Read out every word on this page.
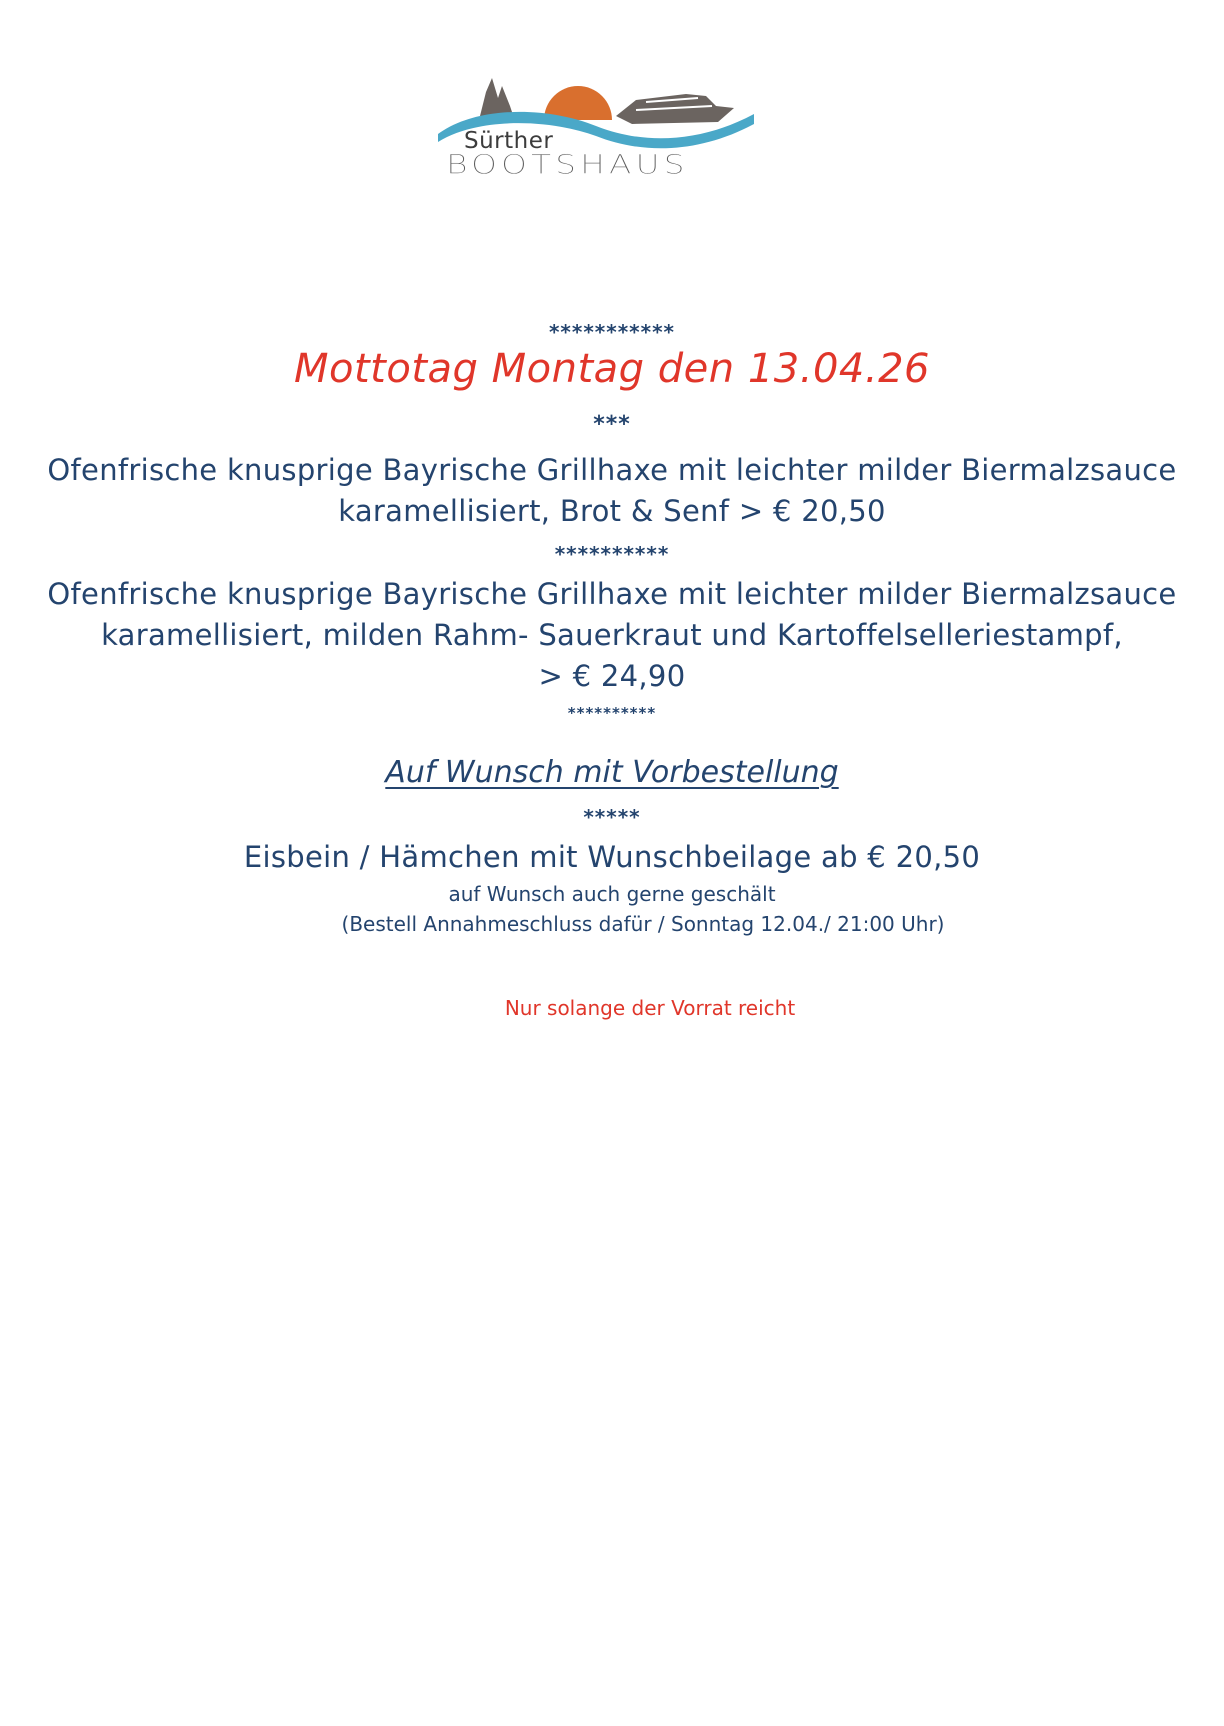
Sürther
BOOTSHAUS
***********
Mottotag Montag den 13.04.26
***
Ofenfrische knusprige Bayrische Grillhaxe mit leichter milder Biermalzsauce
karamellisiert, Brot & Senf > € 20,50
**********
Ofenfrische knusprige Bayrische Grillhaxe mit leichter milder Biermalzsauce
karamellisiert, milden Rahm- Sauerkraut und Kartoffelselleriestampf,
> € 24,90
**********
Auf Wunsch mit Vorbestellung
*****
Eisbein / Hämchen mit Wunschbeilage ab € 20,50
auf Wunsch auch gerne geschält
(Bestell Annahmeschluss dafür / Sonntag 12.04./ 21:00 Uhr)
Nur solange der Vorrat reicht
